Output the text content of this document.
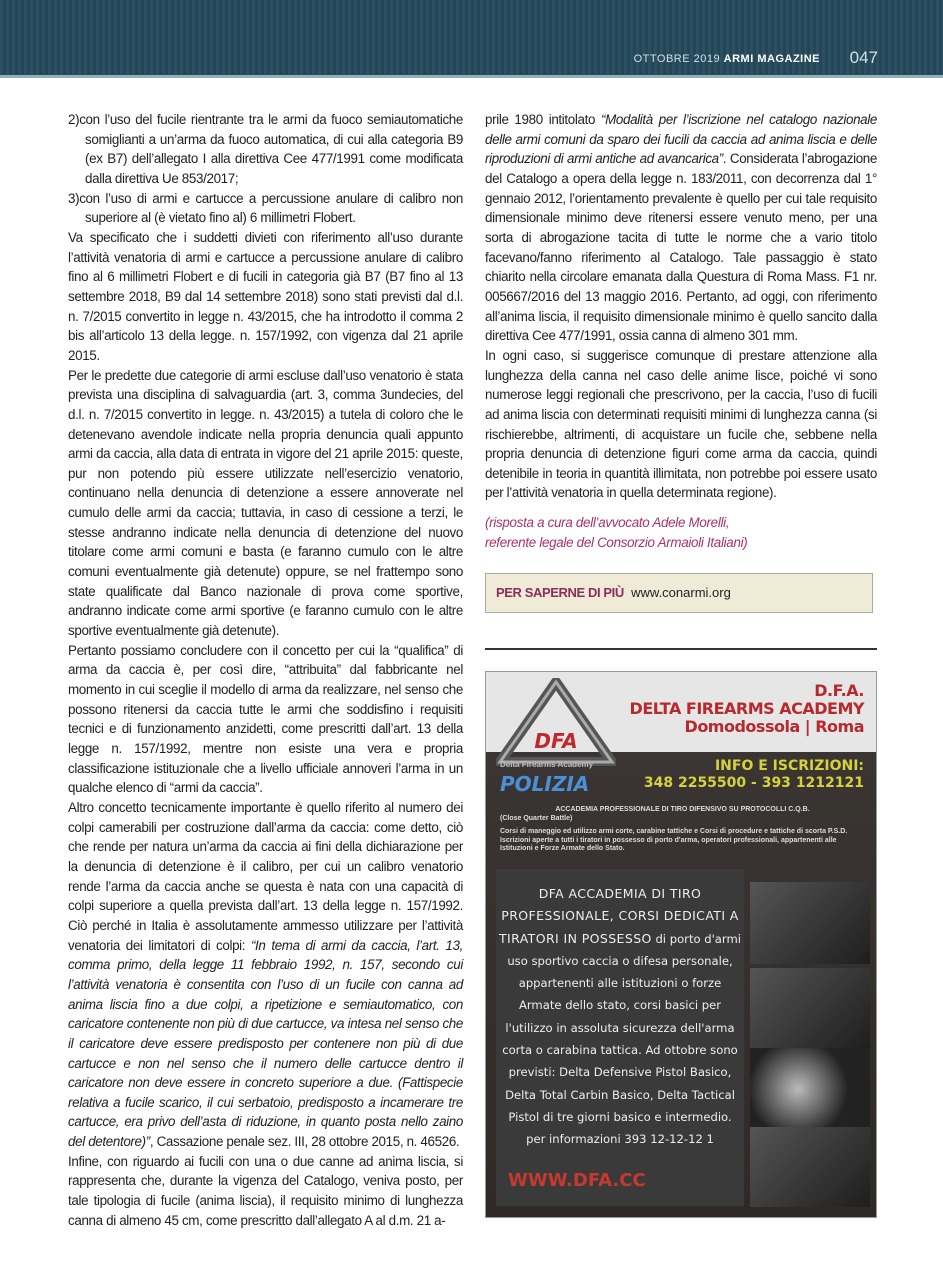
OTTOBRE 2019 ARMI MAGAZINE 047

2)con l’uso del fucile rientrante tra le armi da fuoco semiautomatiche somiglianti a un’arma da fuoco automatica, di cui alla categoria B9 (ex B7) dell’allegato I alla direttiva Cee 477/1991 come modificata dalla direttiva Ue 853/2017;

3)con l’uso di armi e cartucce a percussione anulare di calibro non superiore al (è vietato fino al) 6 millimetri Flobert.

Va specificato che i suddetti divieti con riferimento all’uso durante l’attività venatoria di armi e cartucce a percussione anulare di calibro fino al 6 millimetri Flobert e di fucili in categoria già B7 (B7 fino al 13 settembre 2018, B9 dal 14 settembre 2018) sono stati previsti dal d.l. n. 7/2015 convertito in legge n. 43/2015, che ha introdotto il comma 2 bis all’articolo 13 della legge. n. 157/1992, con vigenza dal 21 aprile 2015.

Per le predette due categorie di armi escluse dall’uso venatorio è stata prevista una disciplina di salvaguardia (art. 3, comma 3undecies, del d.l. n. 7/2015 convertito in legge. n. 43/2015) a tutela di coloro che le detenevano avendole indicate nella propria denuncia quali appunto armi da caccia, alla data di entrata in vigore del 21 aprile 2015: queste, pur non potendo più essere utilizzate nell’esercizio venatorio, continuano nella denuncia di detenzione a essere annoverate nel cumulo delle armi da caccia; tuttavia, in caso di cessione a terzi, le stesse andranno indicate nella denuncia di detenzione del nuovo titolare come armi comuni e basta (e faranno cumulo con le altre comuni eventualmente già detenute) oppure, se nel frattempo sono state qualificate dal Banco nazionale di prova come sportive, andranno indicate come armi sportive (e faranno cumulo con le altre sportive eventualmente già detenute).

Pertanto possiamo concludere con il concetto per cui la “qualifica” di arma da caccia è, per così dire, “attribuita” dal fabbricante nel momento in cui sceglie il modello di arma da realizzare, nel senso che possono ritenersi da caccia tutte le armi che soddisfino i requisiti tecnici e di funzionamento anzidetti, come prescritti dall’art. 13 della legge n. 157/1992, mentre non esiste una vera e propria classificazione istituzionale che a livello ufficiale annoveri l’arma in un qualche elenco di “armi da caccia”.

Altro concetto tecnicamente importante è quello riferito al numero dei colpi camerabili per costruzione dall’arma da caccia: come detto, ciò che rende per natura un’arma da caccia ai fini della dichiarazione per la denuncia di detenzione è il calibro, per cui un calibro venatorio rende l’arma da caccia anche se questa è nata con una capacità di colpi superiore a quella prevista dall’art. 13 della legge n. 157/1992. Ciò perché in Italia è assolutamente ammesso utilizzare per l’attività venatoria dei limitatori di colpi: “In tema di armi da caccia, l’art. 13, comma primo, della legge 11 febbraio 1992, n. 157, secondo cui l’attività venatoria è consentita con l’uso di un fucile con canna ad anima liscia fino a due colpi, a ripetizione e semiautomatico, con caricatore contenente non più di due cartucce, va intesa nel senso che il caricatore deve essere predisposto per contenere non più di due cartucce e non nel senso che il numero delle cartucce dentro il caricatore non deve essere in concreto superiore a due. (Fattispecie relativa a fucile scarico, il cui serbatoio, predisposto a incamerare tre cartucce, era privo dell’asta di riduzione, in quanto posta nello zaino del detentore)”, Cassazione penale sez. III, 28 ottobre 2015, n. 46526.

Infine, con riguardo ai fucili con una o due canne ad anima liscia, si rappresenta che, durante la vigenza del Catalogo, veniva posto, per tale tipologia di fucile (anima liscia), il requisito minimo di lunghezza canna di almeno 45 cm, come prescritto dall’allegato A al d.m. 21 a-

prile 1980 intitolato “Modalità per l’iscrizione nel catalogo nazionale delle armi comuni da sparo dei fucili da caccia ad anima liscia e delle riproduzioni di armi antiche ad avancarica”. Considerata l’abrogazione del Catalogo a opera della legge n. 183/2011, con decorrenza dal 1° gennaio 2012, l’orientamento prevalente è quello per cui tale requisito dimensionale minimo deve ritenersi essere venuto meno, per una sorta di abrogazione tacita di tutte le norme che a vario titolo facevano/fanno riferimento al Catalogo. Tale passaggio è stato chiarito nella circolare emanata dalla Questura di Roma Mass. F1 nr. 005667/2016 del 13 maggio 2016. Pertanto, ad oggi, con riferimento all’anima liscia, il requisito dimensionale minimo è quello sancito dalla direttiva Cee 477/1991, ossia canna di almeno 301 mm.

In ogni caso, si suggerisce comunque di prestare attenzione alla lunghezza della canna nel caso delle anime lisce, poiché vi sono numerose leggi regionali che prescrivono, per la caccia, l’uso di fucili ad anima liscia con determinati requisiti minimi di lunghezza canna (si rischierebbe, altrimenti, di acquistare un fucile che, sebbene nella propria denuncia di detenzione figuri come arma da caccia, quindi detenibile in teoria in quantità illimitata, non potrebbe poi essere usato per l’attività venatoria in quella determinata regione).

(risposta a cura dell’avvocato Adele Morelli,
referente legale del Consorzio Armaioli Italiani)
PER SAPERNE DI PIÙ www.conarmi.org
DFA
Delta Firearms Academy
POLIZIA
D.F.A.
DELTA FIREARMS ACADEMY
Domodossola | Roma
INFO E ISCRIZIONI:
348 2255500 - 393 1212121
ACCADEMIA PROFESSIONALE DI TIRO DIFENSIVO SU PROTOCOLLI C.Q.B.
(Close Quarter Battle)
Corsi di maneggio ed utilizzo armi corte, carabine tattiche e Corsi di procedure e tattiche di scorta P.S.D. Iscrizioni aperte a tutti i tiratori in possesso di porto d'arma, operatori professionali, appartenenti alle Istituzioni e Forze Armate dello Stato.
DFA ACCADEMIA DI TIRO PROFESSIONALE, CORSI DEDICATI A TIRATORI IN POSSESSO di porto d'armi uso sportivo caccia o difesa personale, appartenenti alle istituzioni o forze Armate dello stato, corsi basici per l'utilizzo in assoluta sicurezza dell'arma corta o carabina tattica. Ad ottobre sono previsti: Delta Defensive Pistol Basico, Delta Total Carbin Basico, Delta Tactical Pistol di tre giorni basico e intermedio.
per informazioni 393 12-12-12 1
WWW.DFA.CC
